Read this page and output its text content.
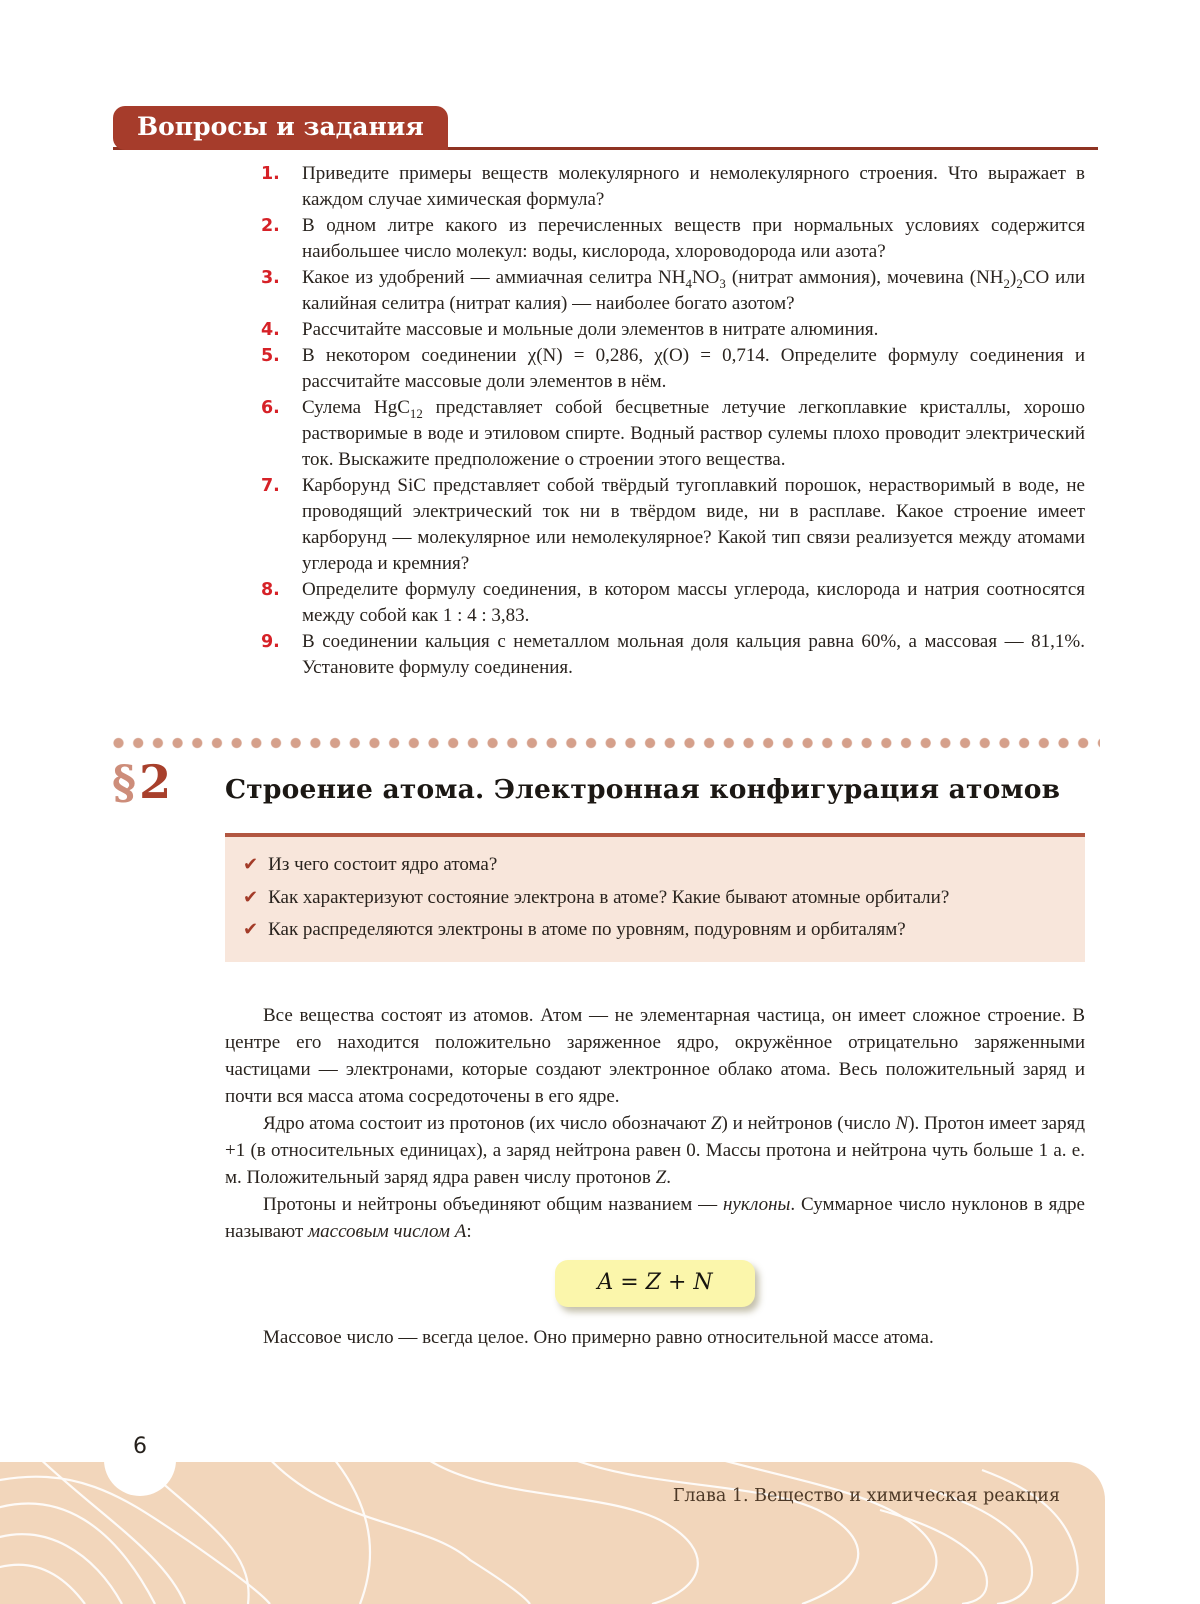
Вопросы и задания

1. Приведите примеры веществ молекулярного и немолекулярного строения. Что выражает в каждом случае химическая формула?

2. В одном литре какого из перечисленных веществ при нормальных условиях содержится наибольшее число молекул: воды, кислорода, хлороводорода или азота?

3. Какое из удобрений — аммиачная селитра $NH_4NO_3$ (нитрат аммония), мочевина $(NH_2)_2CO$ или калийная селитра (нитрат калия) — наиболее богато азотом?

4. Рассчитайте массовые и мольные доли элементов в нитрате алюминия.

5. В некотором соединении χ(N) = 0,286, χ(O) = 0,714. Определите формулу соединения и рассчитайте массовые доли элементов в нём.

6. Сулема HgC$_{12}$ представляет собой бесцветные летучие легкоплавкие кристаллы, хорошо растворимые в воде и этиловом спирте. Водный раствор сулемы плохо проводит электрический ток. Выскажите предположение о строении этого вещества.

7. Карборунд SiC представляет собой твёрдый тугоплавкий порошок, нерастворимый в воде, не проводящий электрический ток ни в твёрдом виде, ни в расплаве. Какое строение имеет карборунд — молекулярное или немолекулярное? Какой тип связи реализуется между атомами углерода и кремния?

8. Определите формулу соединения, в котором массы углерода, кислорода и натрия соотносятся между собой как 1 : 4 : 3,83.

9. В соединении кальция с неметаллом мольная доля кальция равна 60%, а массовая — 81,1%. Установите формулу соединения.

§2 Строение атома. Электронная конфигурация атомов

✔ Из чего состоит ядро атома?

✔ Как характеризуют состояние электрона в атоме? Какие бывают атомные орбитали?

✔ Как распределяются электроны в атоме по уровням, подуровням и орбиталям?

Все вещества состоят из атомов. Атом — не элементарная частица, он имеет сложное строение. В центре его находится положительно заряженное ядро, окружённое отрицательно заряженными частицами — электронами, которые создают электронное облако атома. Весь положительный заряд и почти вся масса атома сосредоточены в его ядре.

Ядро атома состоит из протонов (их число обозначают Z) и нейтронов (число N). Протон имеет заряд +1 (в относительных единицах), а заряд нейтрона равен 0. Массы протона и нейтрона чуть больше 1 а. е. м. Положительный заряд ядра равен числу протонов Z.

Протоны и нейтроны объединяют общим названием — нуклоны. Суммарное число нуклонов в ядре называют массовым числом А:

A = Z + N

Массовое число — всегда целое. Оно примерно равно относительной массе атома.

6
Глава 1. Вещество и химическая реакция
